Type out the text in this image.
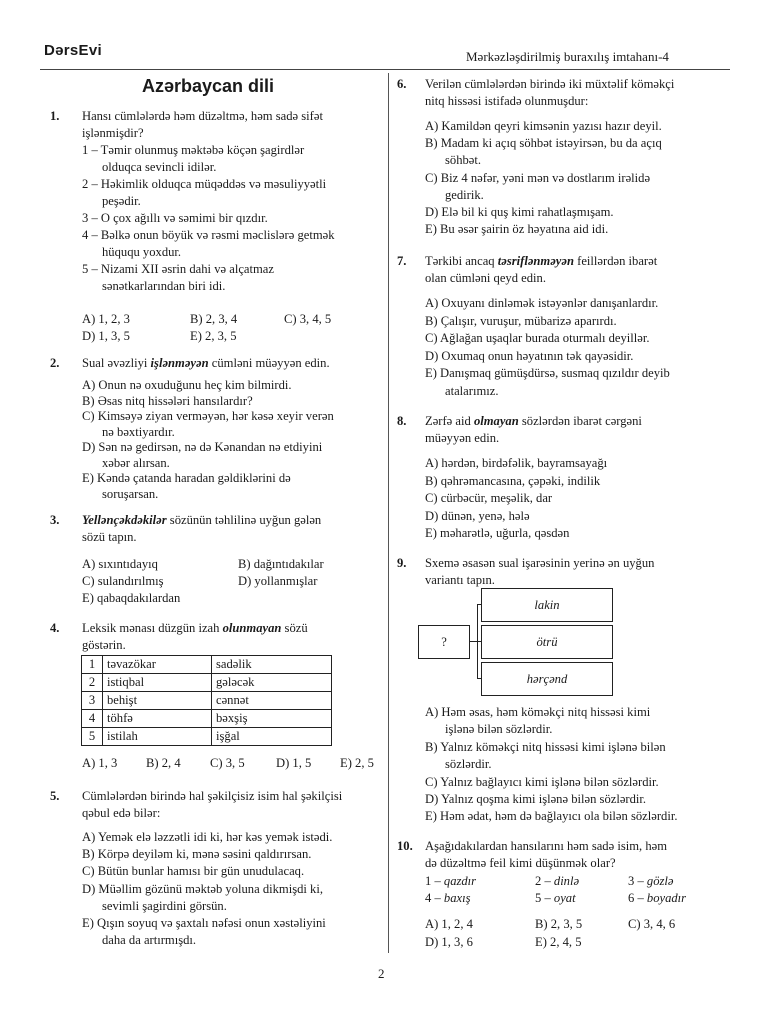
DərsEvi	Mərkəzləşdirilmiş buraxılış imtahanı-4
Azərbaycan dili
1. Hansı cümlələrdə həm düzəltmə, həm sadə sifət
işlənmişdir?
1 – Təmir olunmuş məktəbə köçən şagirdlər
olduqca sevincli idilər.
2 – Həkimlik olduqca müqəddəs və məsuliyyətli
peşədir.
3 – O çox ağıllı və səmimi bir qızdır.
4 – Bəlkə onun böyük və rəsmi məclislərə getmək
hüququ yoxdur.
5 – Nizami XII əsrin dahi və alçatmaz
sənətkarlarından biri idi.
A) 1, 2, 3	B) 2, 3, 4	C) 3, 4, 5
D) 1, 3, 5	E) 2, 3, 5
2. Sual əvəzliyi işlənməyən cümləni müəyyən edin.
A) Onun nə oxuduğunu heç kim bilmirdi.
B) Əsas nitq hissələri hansılardır?
C) Kimsəyə ziyan verməyən, hər kəsə xeyir verən
nə bəxtiyardır.
D) Sən nə gedirsən, nə də Kənandan nə etdiyini
xəbər alırsan.
E) Kəndə çatanda haradan gəldiklərini də
soruşarsan.
3. Yellənçəkdəkilər sözünün təhlilinə uyğun gələn
sözü tapın.
A) sıxıntıdayıq	B) dağıntıdakılar
C) sulandırılmış	D) yollanmışlar
E) qabaqdakılardan
4. Leksik mənası düzgün izah olunmayan sözü
göstərin.
1	təvazökar	sadəlik
2	istiqbal	gələcək
3	behişt	cənnət
4	töhfə	bəxşiş
5	istilah	işğal
A) 1, 3 B) 2, 4 C) 3, 5 D) 1, 5 E) 2, 5
5. Cümlələrdən birində hal şəkilçisiz isim hal şəkilçisi
qəbul edə bilər:
A) Yemək elə ləzzətli idi ki, hər kəs yemək istədi.
B) Körpə deyiləm ki, mənə səsini qaldırırsan.
C) Bütün bunlar hamısı bir gün unudulacaq.
D) Müəllim gözünü məktəb yoluna dikmişdi ki,
sevimli şagirdini görsün.
E) Qışın soyuq və şaxtalı nəfəsi onun xəstəliyini
daha da artırmışdı.
6. Verilən cümlələrdən birində iki müxtəlif köməkçi
nitq hissəsi istifadə olunmuşdur:
A) Kamildən qeyri kimsənin yazısı hazır deyil.
B) Madam ki açıq söhbət istəyirsən, bu da açıq
söhbət.
C) Biz 4 nəfər, yəni mən və dostlarım irəlidə
gedirik.
D) Elə bil ki quş kimi rahatlaşmışam.
E) Bu əsər şairin öz həyatına aid idi.
7. Tərkibi ancaq təsriflənməyən feillərdən ibarət
olan cümləni qeyd edin.
A) Oxuyanı dinləmək istəyənlər danışanlardır.
B) Çalışır, vuruşur, mübarizə aparırdı.
C) Ağlağan uşaqlar burada oturmalı deyillər.
D) Oxumaq onun həyatının tək qayəsidir.
E) Danışmaq gümüşdürsə, susmaq qızıldır deyib
atalarımız.
8. Zərfə aid olmayan sözlərdən ibarət cərgəni
müəyyən edin.
A) hərdən, birdəfəlik, bayramsayağı
B) qəhrəmancasına, çəpəki, indilik
C) cürbəcür, meşəlik, dar
D) dünən, yenə, hələ
E) məharətlə, uğurla, qəsdən
9. Sxemə əsasən sual işarəsinin yerinə ən uyğun
variantı tapın.
lakin
ötrü
hərçənd
?
A) Həm əsas, həm köməkçi nitq hissəsi kimi
işlənə bilən sözlərdir.
B) Yalnız köməkçi nitq hissəsi kimi işlənə bilən
sözlərdir.
C) Yalnız bağlayıcı kimi işlənə bilən sözlərdir.
D) Yalnız qoşma kimi işlənə bilən sözlərdir.
E) Həm ədat, həm də bağlayıcı ola bilən sözlərdir.
10. Aşağıdakılardan hansılarını həm sadə isim, həm
də düzəltmə feil kimi düşünmək olar?
1 – qazdır	2 – dinlə	3 – gözlə
4 – baxış	5 – oyat	6 – boyadır
A) 1, 2, 4	B) 2, 3, 5	C) 3, 4, 6
D) 1, 3, 6	E) 2, 4, 5
2
